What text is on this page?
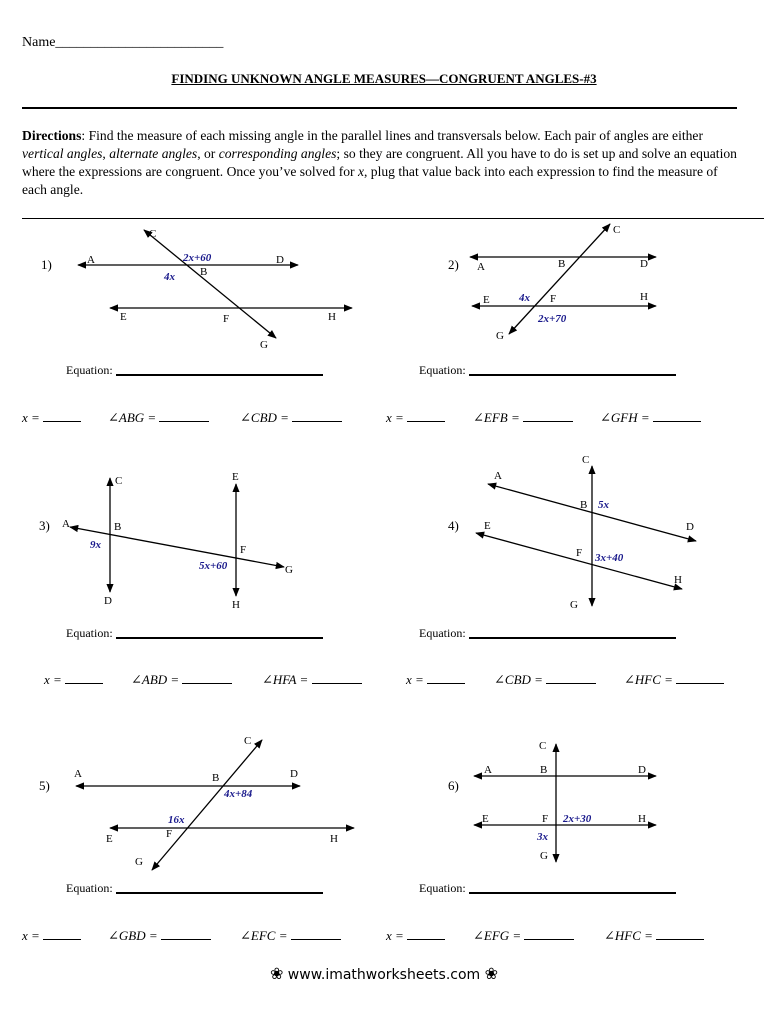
Name________________________
FINDING UNKNOWN ANGLE MEASURES—CONGRUENT ANGLES-#3
Directions: Find the measure of each missing angle in the parallel lines and transversals below. Each pair of angles are either vertical angles, alternate angles, or corresponding angles; so they are congruent. All you have to do is set up and solve an equation where the expressions are congruent. Once you’ve solved for x, plug that value back into each expression to find the measure of each angle.
A
C
B
D
E	F	H
G
2x+60
4x
A	B
C
D
E	F	H
G
4x
2x+70
A	B
C
D
E
F
G
H
9x
5x+60
A
B
C
D
E
F
H
G
5x
3x+40
A	B
C
D
E	F	H
G
4x+84
16x
A	B
C
D
E	F	H
G
2x+30
3x
1)	2)
3)	4)
5)	6)
Equation:	Equation:
Equation:	Equation:
Equation:	Equation:
x =	∠ABG =	∠CBD =	x =	∠EFB =	∠GFH =
x =	∠ABD =	∠HFA =	x =	∠CBD =	∠HFC =
x =	∠GBD =	∠EFC =	x =	∠EFG =	∠HFC =
❀ www.imathworksheets.com ❀
